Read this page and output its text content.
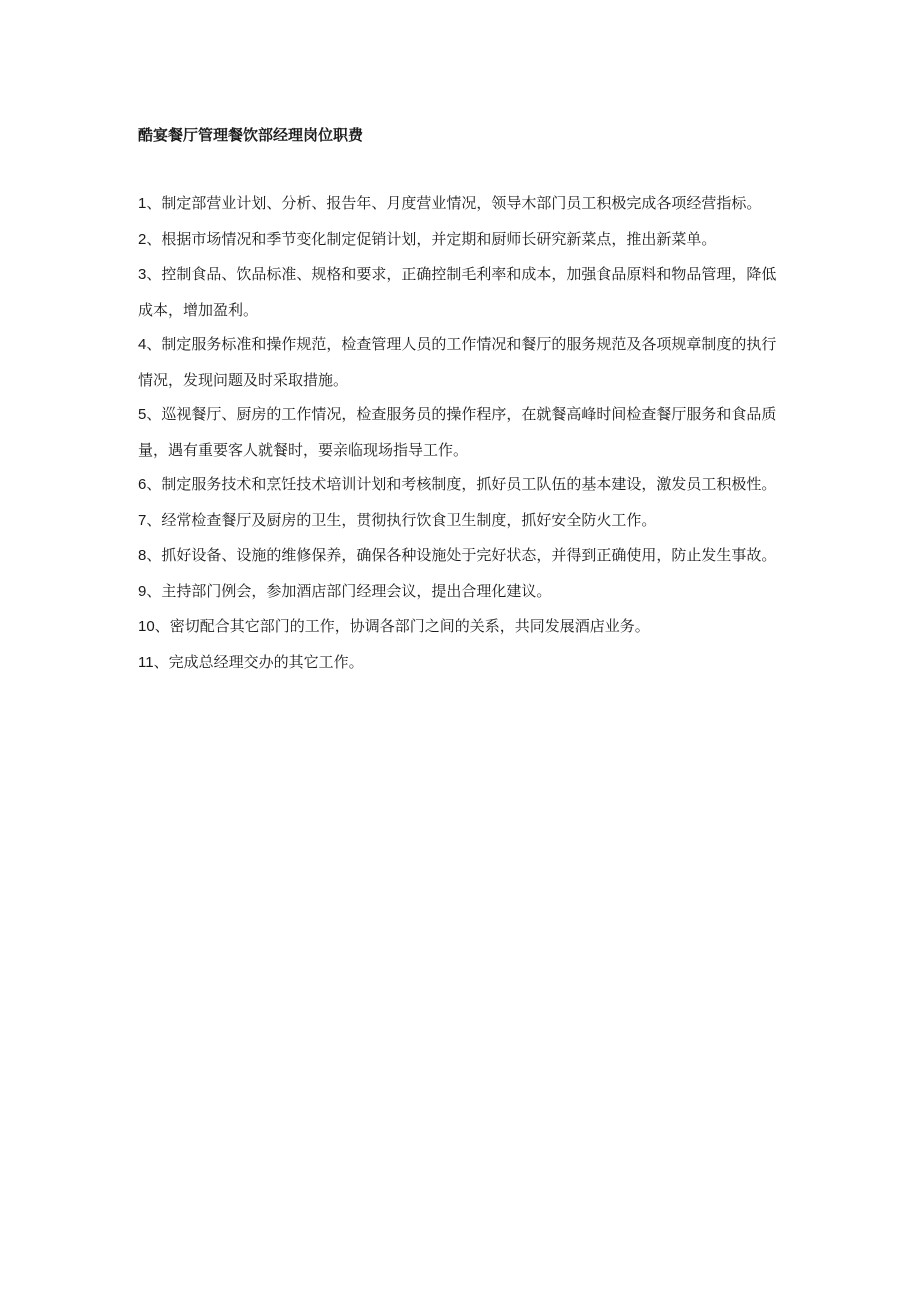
酷宴餐厅管理餐饮部经理岗位职费
1、制定部营业计划、分析、报告年、月度营业情况，领导木部门员工积极完成各项经营指标。
2、根据市场情况和季节变化制定促销计划，并定期和厨师长研究新菜点，推出新菜单。
3、控制食品、饮品标准、规格和要求，正确控制毛利率和成本，加强食品原料和物品管理，降低成本，增加盈利。
4、制定服务标准和操作规范，检查管理人员的工作情况和餐厅的服务规范及各项规章制度的执行情况，发现问题及时采取措施。
5、巡视餐厅、厨房的工作情况，检查服务员的操作程序，在就餐高峰时间检查餐厅服务和食品质量，遇有重要客人就餐时，要亲临现场指导工作。
6、制定服务技术和烹饪技术培训计划和考核制度，抓好员工队伍的基本建设，激发员工积极性。
7、经常检查餐厅及厨房的卫生，贯彻执行饮食卫生制度，抓好安全防火工作。
8、抓好设备、设施的维修保养，确保各种设施处于完好状态，并得到正确使用，防止发生事故。
9、主持部门例会，参加酒店部门经理会议，提出合理化建议。
10、密切配合其它部门的工作，协调各部门之间的关系，共同发展酒店业务。
11、完成总经理交办的其它工作。
